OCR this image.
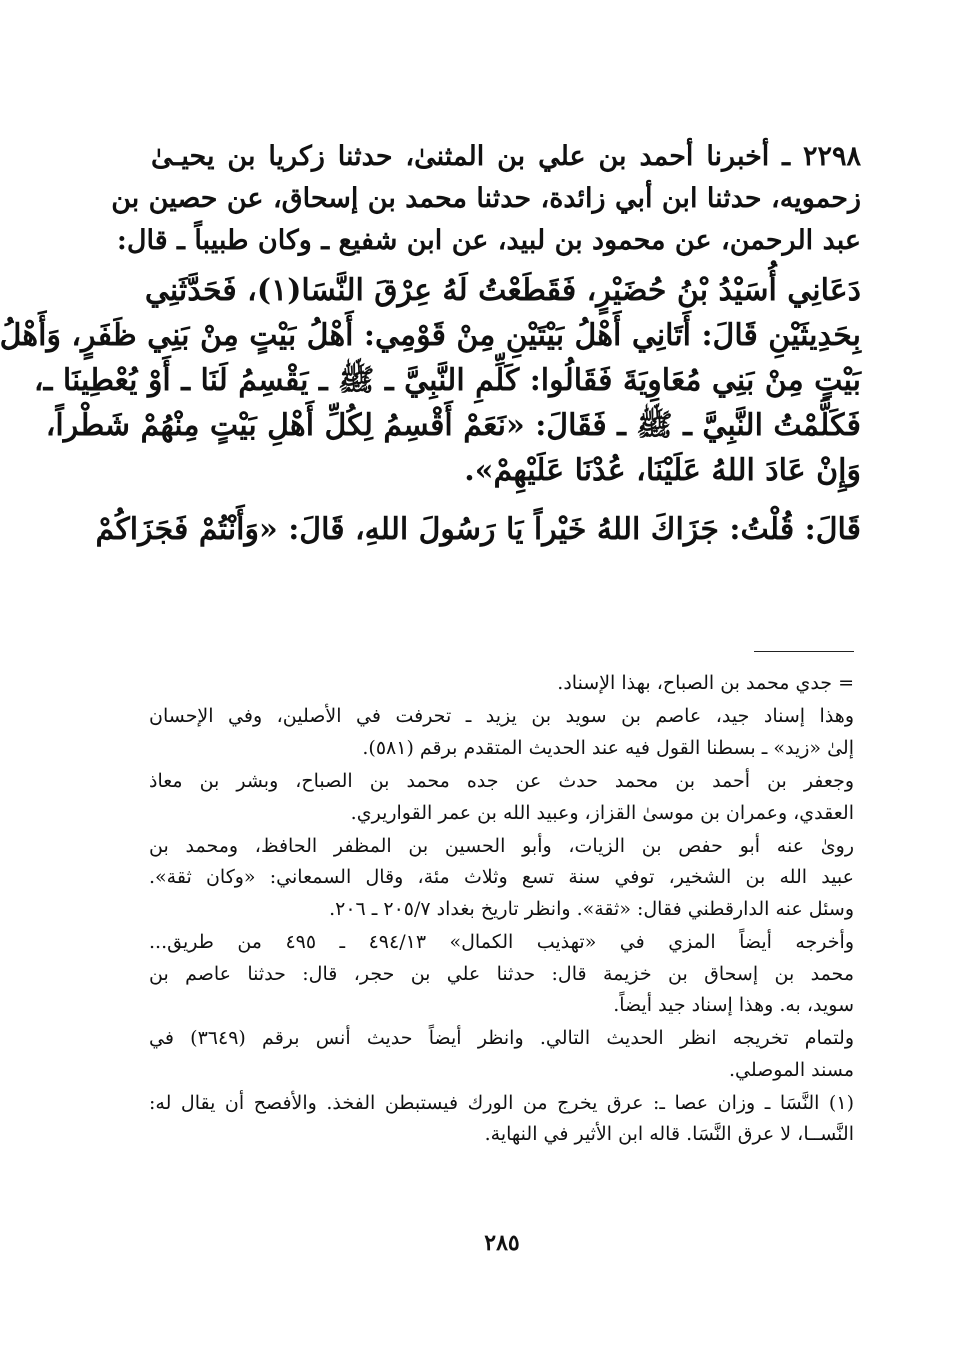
٢٢٩٨ ـ أخبرنا أحمد بن علي بن المثنىٰ، حدثنا زكريا بن يحيـىٰ
زحمويه، حدثنا ابن أبي زائدة، حدثنا محمد بن إسحاق، عن حصين بن
عبد الرحمن، عن محمود بن لبيد، عن ابن شفيع ـ وكان طبيباً ـ قال:
دَعَانِي أُسَيْدُ بْنُ حُضَيْرٍ، فَقَطَعْتُ لَهُ عِرْقَ النَّسَا(١)، فَحَدَّثَنِي
بِحَدِيثَيْنِ قَالَ: أَتَانِي أَهْلُ بَيْتَيْنِ مِنْ قَوْمِي: أَهْلُ بَيْتٍ مِنْ بَنِي ظَفَرٍ، وَأَهْلُ
بَيْتٍ مِنْ بَنِي مُعَاوِيَةَ فَقَالُوا: كَلِّمِ النَّبِيَّ ـ ﷺ ـ يَقْسِمُ لَنَا ـ أَوْ يُعْطِينَا ـ،
فَكَلَّمْتُ النَّبِيَّ ـ ﷺ ـ فَقَالَ: «نَعَمْ أَقْسِمُ لِكُلِّ أَهْلِ بَيْتٍ مِنْهُمْ شَطْراً،
وَإِنْ عَادَ اللهُ عَلَيْنَا، عُدْنَا عَلَيْهِمْ».
قَالَ: قُلْتُ: جَزَاكَ اللهُ خَيْراً يَا رَسُولَ اللهِ، قَالَ: «وَأَنْتُمْ فَجَزَاكُمْ
= جدي محمد بن الصباح، بهذا الإسناد.
وهذا إسناد جيد، عاصم بن سويد بن يزيد ـ تحرفت في الأصلين، وفي الإحسان
إلىٰ «زيد» ـ بسطنا القول فيه عند الحديث المتقدم برقم (٥٨١).
وجعفر بن أحمد بن محمد حدث عن جده محمد بن الصباح، وبشر بن معاذ
العقدي، وعمران بن موسىٰ القزاز، وعبيد الله بن عمر القواريري.
روىٰ عنه أبو حفص بن الزيات، وأبو الحسين بن المظفر الحافظ، ومحمد بن
عبيد الله بن الشخير، توفي سنة تسع وثلاث مئة، وقال السمعاني: «وكان ثقة».
وسئل عنه الدارقطني فقال: «ثقة». وانظر تاريخ بغداد ٢٠٥/٧ ـ ٢٠٦.
وأخرجه أيضاً المزي في «تهذيب الكمال» ٤٩٤/١٣ ـ ٤٩٥ من طريق...
محمد بن إسحاق بن خزيمة قال: حدثنا علي بن حجر، قال: حدثنا عاصم بن
سويد، به. وهذا إسناد جيد أيضاً.
ولتمام تخريجه انظر الحديث التالي. وانظر أيضاً حديث أنس برقم (٣٦٤٩) في
مسند الموصلي.
(١) النَّسَا ـ وزان عصا ـ: عرق يخرج من الورك فيستبطن الفخذ. والأفصح أن يقال له:
النَّســا، لا عرق النَّسَا. قاله ابن الأثير في النهاية.
٢٨٥
